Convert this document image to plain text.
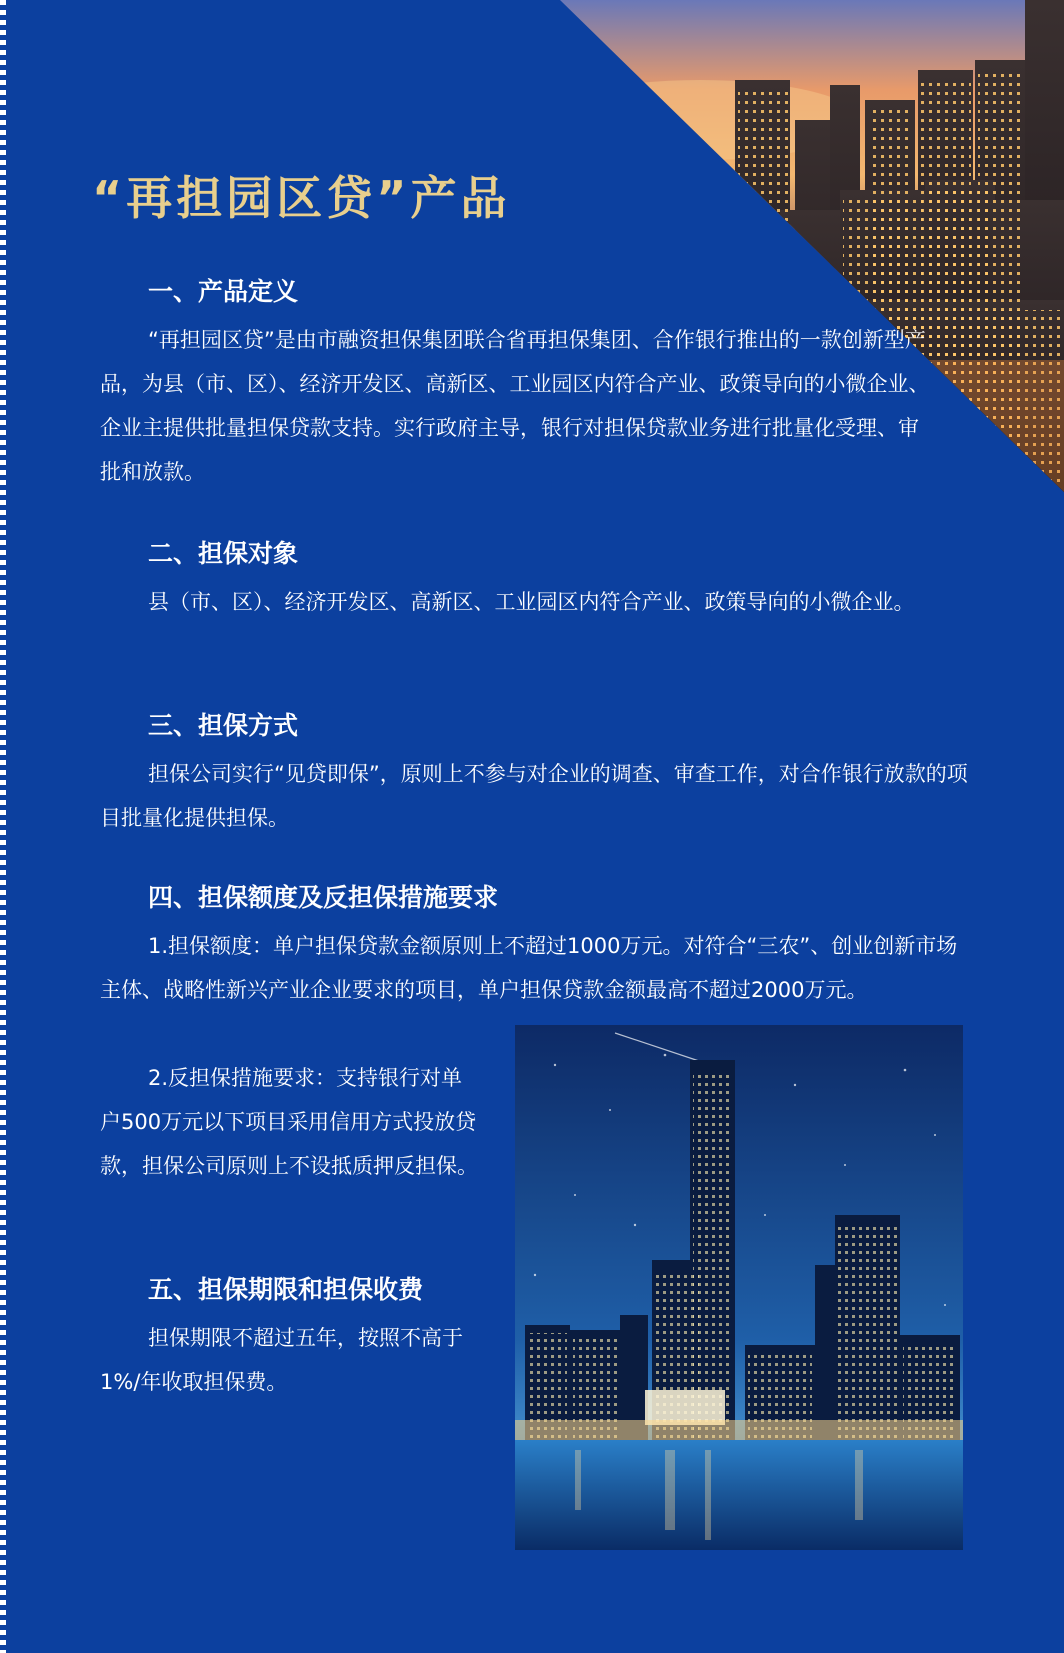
“再担园区贷”产品
一、产品定义

“再担园区贷”是由市融资担保集团联合省再担保集团、合作银行推出的一款创新型产品，为县（市、区）、经济开发区、高新区、工业园区内符合产业、政策导向的小微企业、企业主提供批量担保贷款支持。实行政府主导，银行对担保贷款业务进行批量化受理、审批和放款。

二、担保对象

县（市、区）、经济开发区、高新区、工业园区内符合产业、政策导向的小微企业。

三、担保方式

担保公司实行“见贷即保”，原则上不参与对企业的调查、审查工作，对合作银行放款的项目批量化提供担保。

四、担保额度及反担保措施要求

1.担保额度：单户担保贷款金额原则上不超过1000万元。对符合“三农”、创业创新市场主体、战略性新兴产业企业要求的项目，单户担保贷款金额最高不超过2000万元。

2.反担保措施要求：支持银行对单户500万元以下项目采用信用方式投放贷款，担保公司原则上不设抵质押反担保。

五、担保期限和担保收费

担保期限不超过五年，按照不高于1%/年收取担保费。
